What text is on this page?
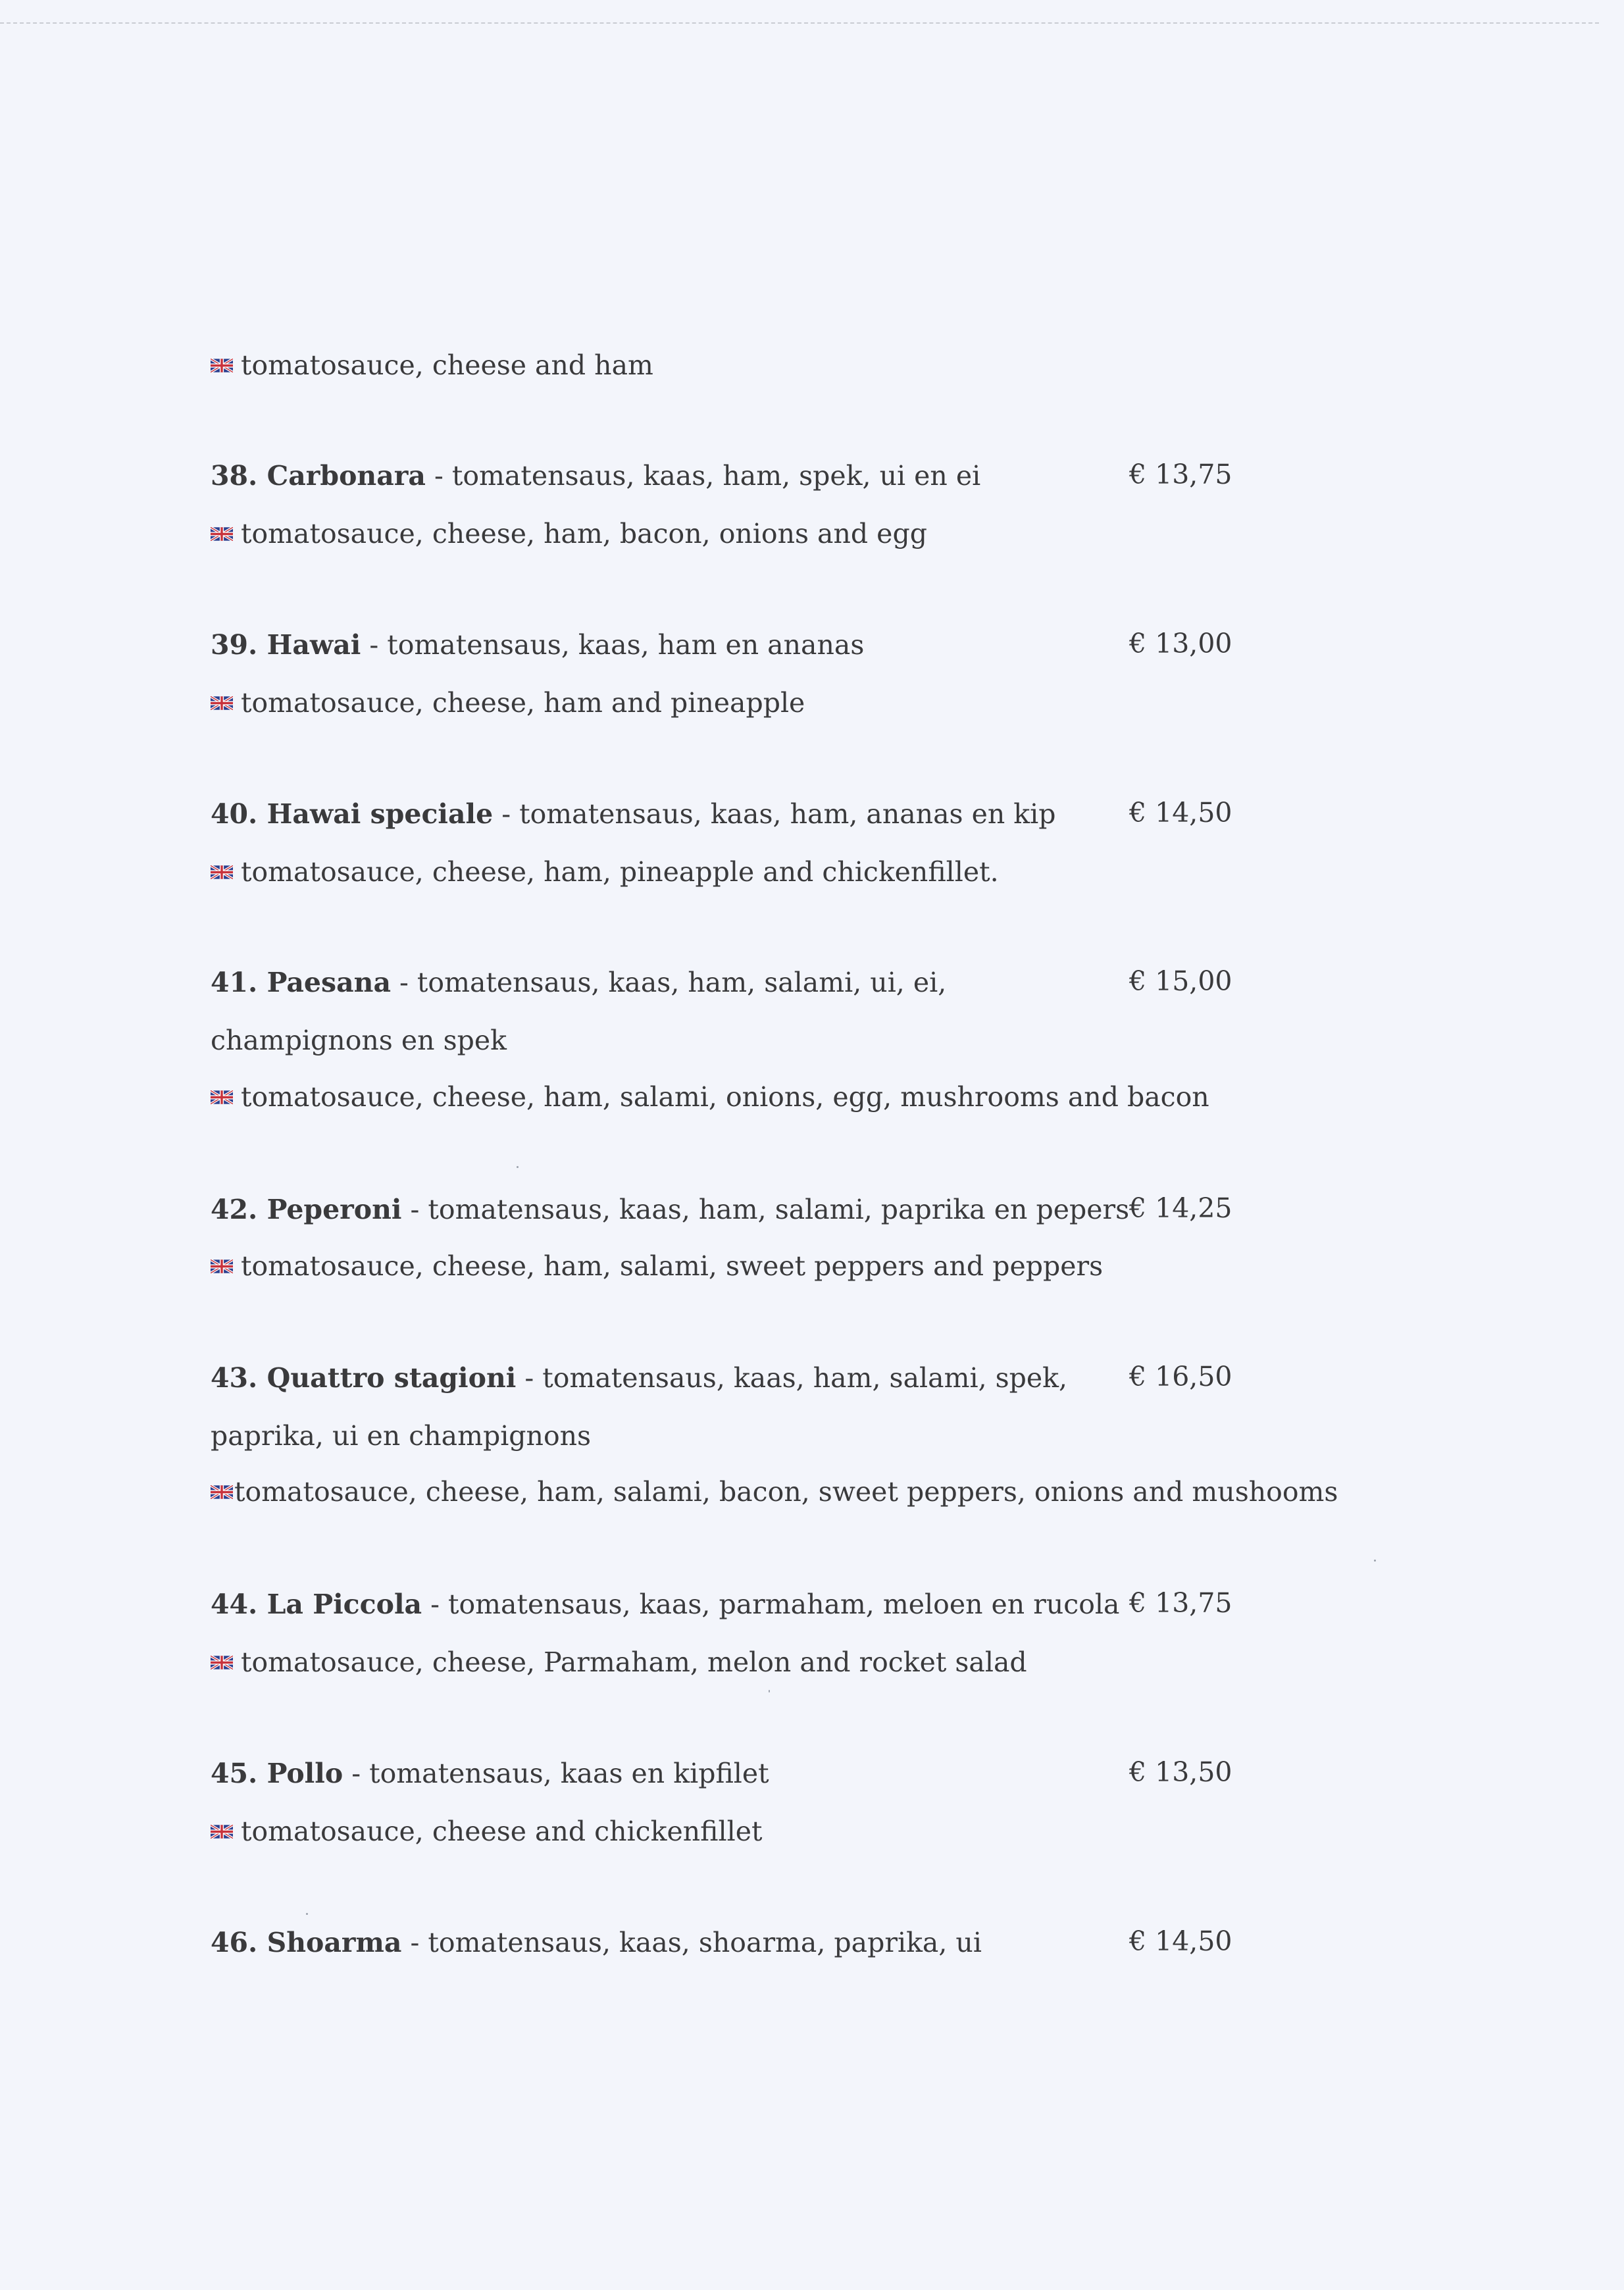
tomatosauce, cheese and ham
38. Carbonara - tomatensaus, kaas, ham, spek, ui en ei	€ 13,75
tomatosauce, cheese, ham, bacon, onions and egg
39. Hawai - tomatensaus, kaas, ham en ananas	€ 13,00
tomatosauce, cheese, ham and pineapple
40. Hawai speciale - tomatensaus, kaas, ham, ananas en kip	€ 14,50
tomatosauce, cheese, ham, pineapple and chickenfillet.
41. Paesana - tomatensaus, kaas, ham, salami, ui, ei,	€ 15,00
champignons en spek
tomatosauce, cheese, ham, salami, onions, egg, mushrooms and bacon
42. Peperoni - tomatensaus, kaas, ham, salami, paprika en pepers € 14,25
tomatosauce, cheese, ham, salami, sweet peppers and peppers
43. Quattro stagioni - tomatensaus, kaas, ham, salami, spek, € 16,50
paprika, ui en champignons
tomatosauce, cheese, ham, salami, bacon, sweet peppers, onions and mushooms
44. La Piccola - tomatensaus, kaas, parmaham, meloen en rucola € 13,75
tomatosauce, cheese, Parmaham, melon and rocket salad
45. Pollo - tomatensaus, kaas en kipfilet	€ 13,50
tomatosauce, cheese and chickenfillet
46. Shoarma - tomatensaus, kaas, shoarma, paprika, ui	€ 14,50
